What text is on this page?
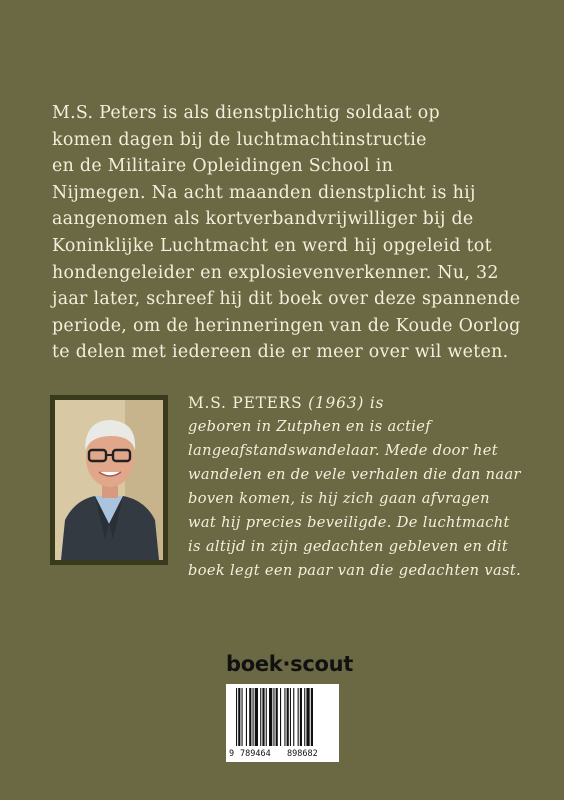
M.S. Peters is als dienstplichtig soldaat op

komen dagen bij de luchtmachtinstructie

en de Militaire Opleidingen School in

Nijmegen. Na acht maanden dienstplicht is hij

aangenomen als kortverbandvrijwilliger bij de

Koninklijke Luchtmacht en werd hij opgeleid tot

hondengeleider en explosievenverkenner. Nu, 32

jaar later, schreef hij dit boek over deze spannende

periode, om de herinneringen van de Koude Oorlog

te delen met iedereen die er meer over wil weten.

M.S. PETERS (1963) is

geboren in Zutphen en is actief

langeafstandswandelaar. Mede door het

wandelen en de vele verhalen die dan naar

boven komen, is hij zich gaan afvragen

wat hij precies beveiligde. De luchtmacht

is altijd in zijn gedachten gebleven en dit

boek legt een paar van die gedachten vast.

boek·scout
9 789464 898682
